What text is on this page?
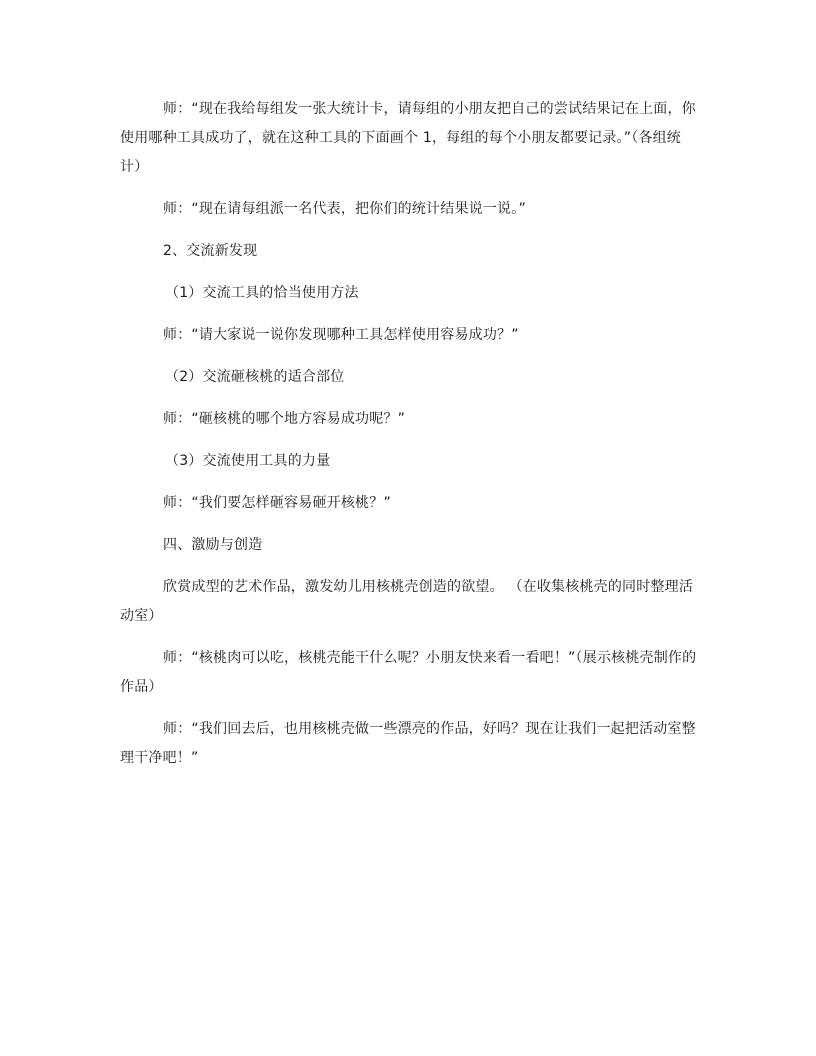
师：“现在我给每组发一张大统计卡，请每组的小朋友把自己的尝试结果记在上面，你使用哪种工具成功了，就在这种工具的下面画个 1，每组的每个小朋友都要记录。”（各组统计）

师：“现在请每组派一名代表，把你们的统计结果说一说。”

2、交流新发现

（1）交流工具的恰当使用方法

师：“请大家说一说你发现哪种工具怎样使用容易成功？”

（2）交流砸核桃的适合部位

师：“砸核桃的哪个地方容易成功呢？”

（3）交流使用工具的力量

师：“我们要怎样砸容易砸开核桃？”

四、激励与创造

欣赏成型的艺术作品，激发幼儿用核桃壳创造的欲望。 （在收集核桃壳的同时整理活动室）

师：“核桃肉可以吃，核桃壳能干什么呢？小朋友快来看一看吧！”（展示核桃壳制作的作品）

师：“我们回去后，也用核桃壳做一些漂亮的作品，好吗？现在让我们一起把活动室整理干净吧！”
